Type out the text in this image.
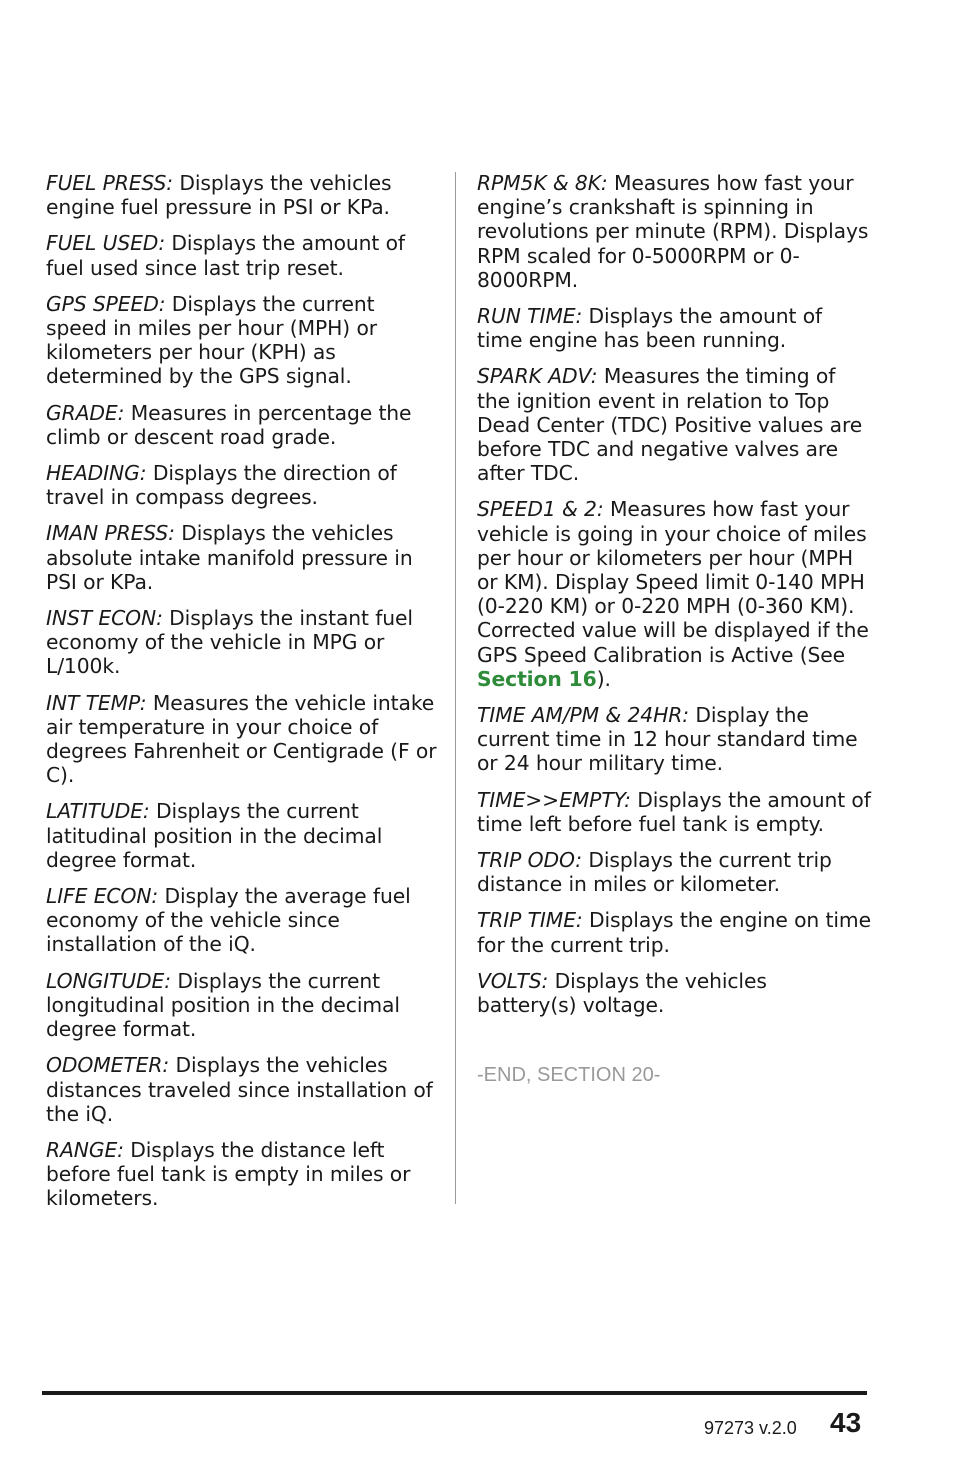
FUEL PRESS: Displays the vehicles engine fuel pressure in PSI or KPa.

FUEL USED: Displays the amount of fuel used since last trip reset.

GPS SPEED: Displays the current speed in miles per hour (MPH) or kilometers per hour (KPH) as determined by the GPS signal.

GRADE: Measures in percentage the climb or descent road grade.

HEADING: Displays the direction of travel in compass degrees.

IMAN PRESS: Displays the vehicles absolute intake manifold pressure in PSI or KPa.

INST ECON: Displays the instant fuel economy of the vehicle in MPG or L/100k.

INT TEMP: Measures the vehicle intake air temperature in your choice of degrees Fahrenheit or Centigrade (F or C).

LATITUDE: Displays the current latitudinal position in the decimal degree format.

LIFE ECON: Display the average fuel economy of the vehicle since installation of the iQ.

LONGITUDE: Displays the current longitudinal position in the decimal degree format.

ODOMETER: Displays the vehicles distances traveled since installation of the iQ.

RANGE: Displays the distance left before fuel tank is empty in miles or kilometers.

RPM5K & 8K: Measures how fast your engine’s crankshaft is spinning in revolutions per minute (RPM). Displays RPM scaled for 0-5000RPM or 0-8000RPM.

RUN TIME: Displays the amount of time engine has been running.

SPARK ADV: Measures the timing of the ignition event in relation to Top Dead Center (TDC) Positive values are before TDC and negative valves are after TDC.

SPEED1 & 2: Measures how fast your vehicle is going in your choice of miles per hour or kilometers per hour (MPH or KM). Display Speed limit 0-140 MPH (0-220 KM) or 0-220 MPH (0-360 KM). Corrected value will be displayed if the GPS Speed Calibration is Active (See Section 16).

TIME AM/PM & 24HR: Display the current time in 12 hour standard time or 24 hour military time.

TIME>>EMPTY: Displays the amount of time left before fuel tank is empty.

TRIP ODO: Displays the current trip distance in miles or kilometer.

TRIP TIME: Displays the engine on time for the current trip.

VOLTS: Displays the vehicles battery(s) voltage.

-END, SECTION 20-
97273 v.2.0 43
